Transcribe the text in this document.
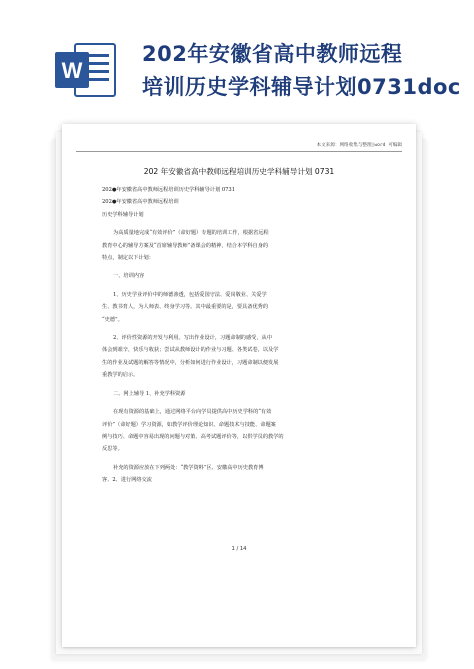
W
202年安徽省高中教师远程
培训历史学科辅导计划0731doc
本文来源：网络收集与整理|word 可编辑
202 年安徽省高中教师远程培训历史学科辅导计划 0731
202●年安徽省高中教师远程培训历史学科辅导计划 0731
202●年安徽省高中教师远程培训
历史学科辅导计划
为高质量地完成“有效评价”（命好题）专题的培训工作，根据省远程
教育中心的辅导方案及“首席辅导教师”备课会的精神，结合本学科自身的
特点，制定以下计划：
一、培训内容
1、历史学业评价中的师德渗透，包括爱国守法、爱岗敬业、关爱学
生、教书育人，为人师表、终身学习等。其中最重要的是，要具备优秀的
“史德”。
2、评价性资源的开发与利用。写出作业设计，习题命制的感受，从中
体会到艰辛，快乐与收获；尝试从教师设计的作业与习题、各类试卷，以及学
生的作业及试题的解答等情况中，分析如何进行作业设计，习题命制以便发展
重教学的启示。
二、网上辅导 1、补充学科资源
在现有资源的基础上，通过网络平台向学员提供高中历史学科的“有效
评价”（命好题）学习资源，如教学评价理论知识、命题技术与技能、命题案
例与技巧、命题中容易出现的问题与对策、高考试题评价等，以供学员的教学的
反思等。
补充的资源应放在下列两处：“教学资料”区、安徽高中历史教育博
客、2、进行网络交流
1 / 14
